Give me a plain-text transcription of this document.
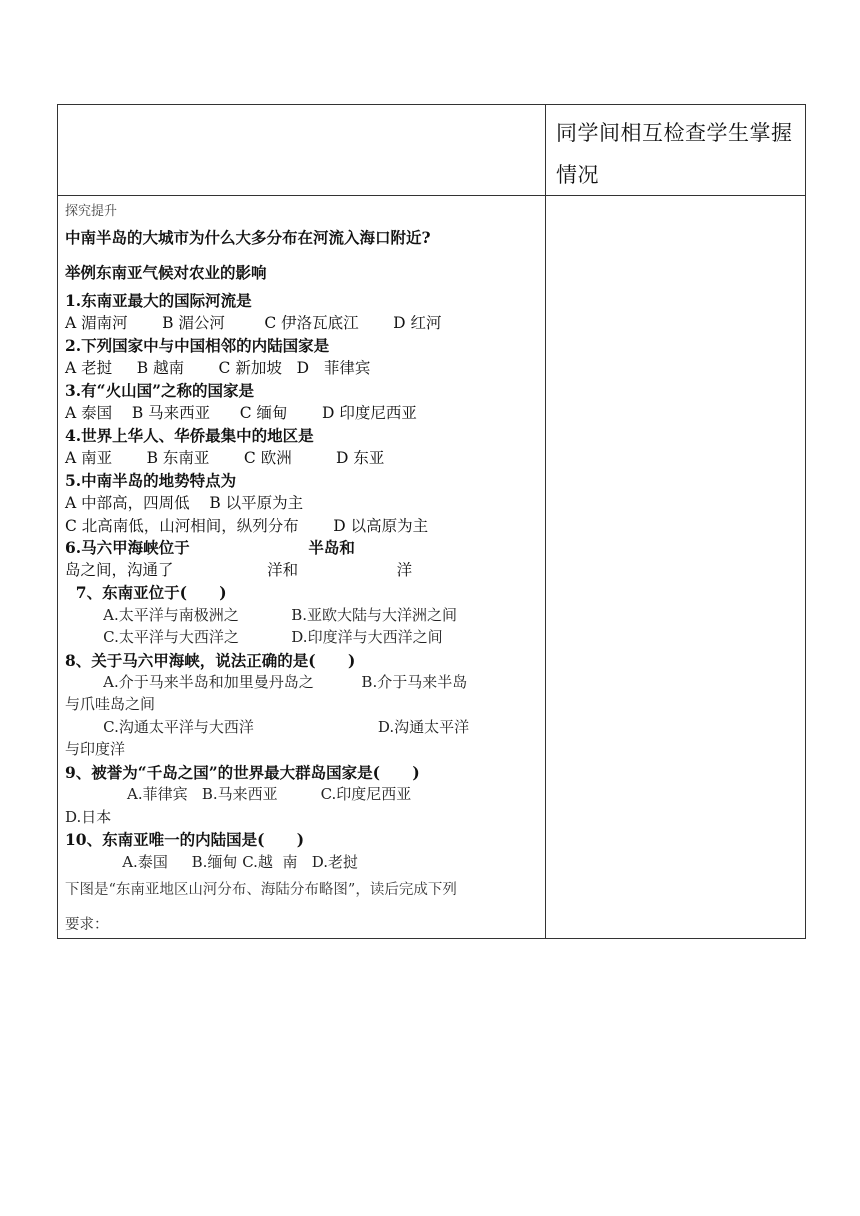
同学间相互检查学生掌握
情况
探究提升
中南半岛的大城市为什么大多分布在河流入海口附近?
举例东南亚气候对农业的影响
1.东南亚最大的国际河流是
A 湄南河       B 湄公河        C 伊洛瓦底江       D 红河
2.下列国家中与中国相邻的内陆国家是
A 老挝     B 越南       C 新加坡   D   菲律宾
3.有“火山国”之称的国家是
A 泰国    B 马来西亚      C 缅甸       D 印度尼西亚
4.世界上华人、华侨最集中的地区是
A 南亚       B 东南亚       C 欧洲         D 东亚
5.中南半岛的地势特点为
A 中部高，四周低    B 以平原为主
C 北高南低，山河相间，纵列分布       D 以高原为主
6.马六甲海峡位于                      半岛和
岛之间，沟通了                   洋和                    洋
7、东南亚位于(      )
A.太平洋与南极洲之           B.亚欧大陆与大洋洲之间
C.太平洋与大西洋之           D.印度洋与大西洋之间
8、关于马六甲海峡，说法正确的是(      )
A.介于马来半岛和加里曼丹岛之          B.介于马来半岛
与爪哇岛之间
C.沟通太平洋与大西洋                          D.沟通太平洋
与印度洋
9、被誉为“千岛之国”的世界最大群岛国家是(      )
A.菲律宾   B.马来西亚         C.印度尼西亚
D.日本
10、东南亚唯一的内陆国是(      )
A.泰国     B.缅甸 C.越  南   D.老挝
下图是“东南亚地区山河分布、海陆分布略图”，读后完成下列
要求：
